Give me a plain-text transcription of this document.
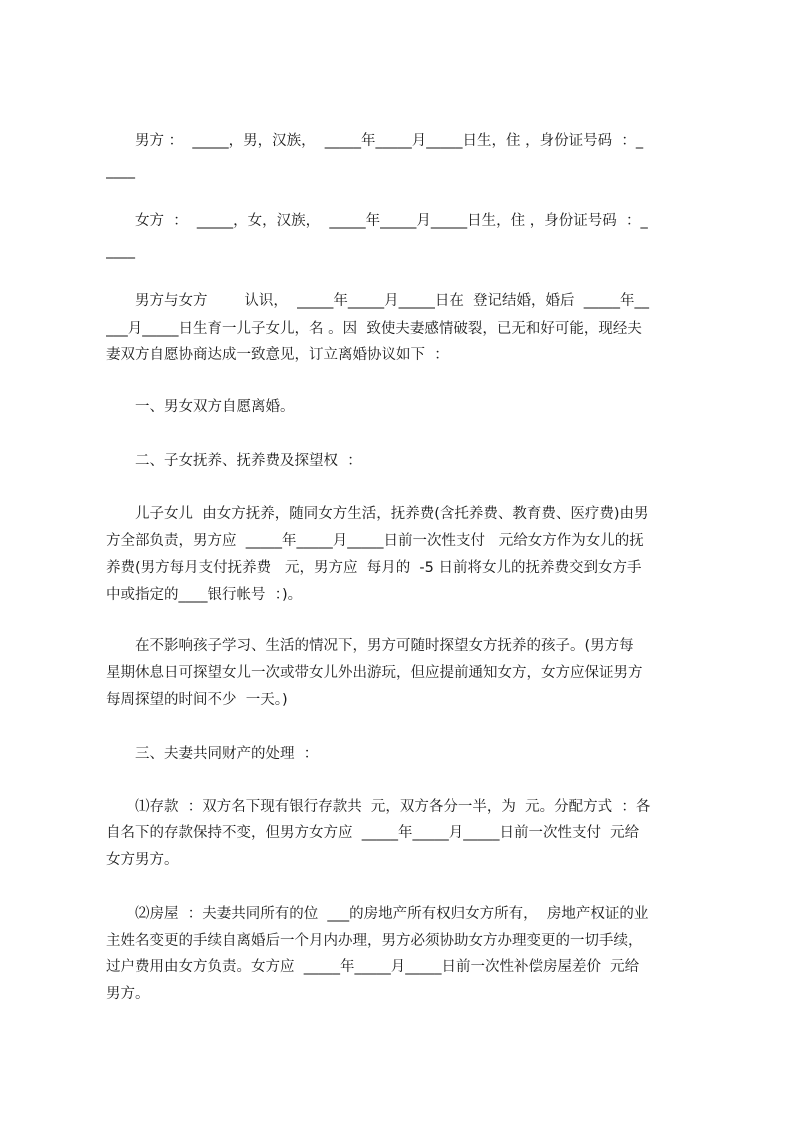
　　男方 ：  _____，男，汉族，  _____年_____月_____日生，住 ，身份证号码  ：_
____
　　女方  ：  _____，女，汉族，  _____年_____月_____日生，住 ，身份证号码  ：_
____
　　男方与女方        认识，  _____年_____月_____日在  登记结婚，婚后  _____年__
___月_____日生育一儿子女儿，名 。因  致使夫妻感情破裂，已无和好可能，现经夫
妻双方自愿协商达成一致意见，订立离婚协议如下  ：
　　一、男女双方自愿离婚。
　　二、子女抚养、抚养费及探望权  ：
　　儿子女儿  由女方抚养，随同女方生活，抚养费(含托养费、教育费、医疗费)由男
方全部负责，男方应  _____年_____月_____日前一次性支付   元给女方作为女儿的抚
养费(男方每月支付抚养费   元，男方应  每月的  -5 日前将女儿的抚养费交到女方手
中或指定的____银行帐号  ：)。
　　在不影响孩子学习、生活的情况下，男方可随时探望女方抚养的孩子。(男方每
星期休息日可探望女儿一次或带女儿外出游玩，但应提前通知女方，女方应保证男方
每周探望的时间不少  一天。)
　　三、夫妻共同财产的处理  ：
　　⑴存款  ：双方名下现有银行存款共  元，双方各分一半，为  元。分配方式  ：各
自名下的存款保持不变，但男方女方应  _____年_____月_____日前一次性支付  元给
女方男方。
　　⑵房屋  ：夫妻共同所有的位  ___的房地产所有权归女方所有，  房地产权证的业
主姓名变更的手续自离婚后一个月内办理，男方必须协助女方办理变更的一切手续，
过户费用由女方负责。女方应  _____年_____月_____日前一次性补偿房屋差价  元给
男方。
